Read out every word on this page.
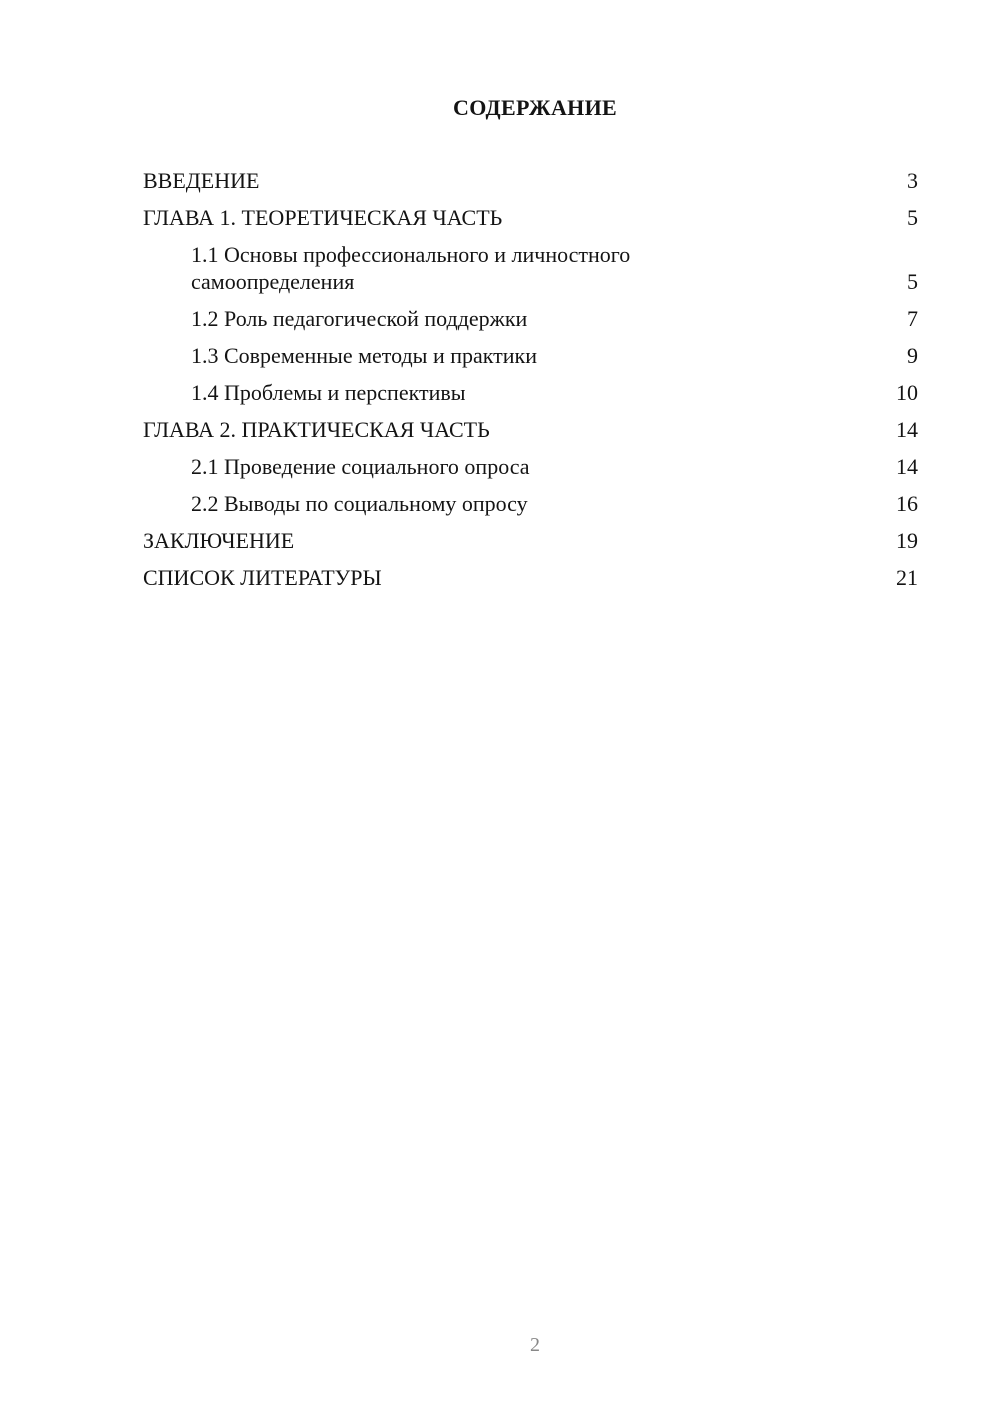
СОДЕРЖАНИЕ
ВВЕДЕНИЕ	3
ГЛАВА 1. ТЕОРЕТИЧЕСКАЯ ЧАСТЬ	5
1.1 Основы профессионального и личностного самоопределения	5
1.2 Роль педагогической поддержки	7
1.3 Современные методы и практики	9
1.4 Проблемы и перспективы	10
ГЛАВА 2. ПРАКТИЧЕСКАЯ ЧАСТЬ	14
2.1 Проведение социального опроса	14
2.2 Выводы по социальному опросу	16
ЗАКЛЮЧЕНИЕ	19
СПИСОК ЛИТЕРАТУРЫ	21
2
